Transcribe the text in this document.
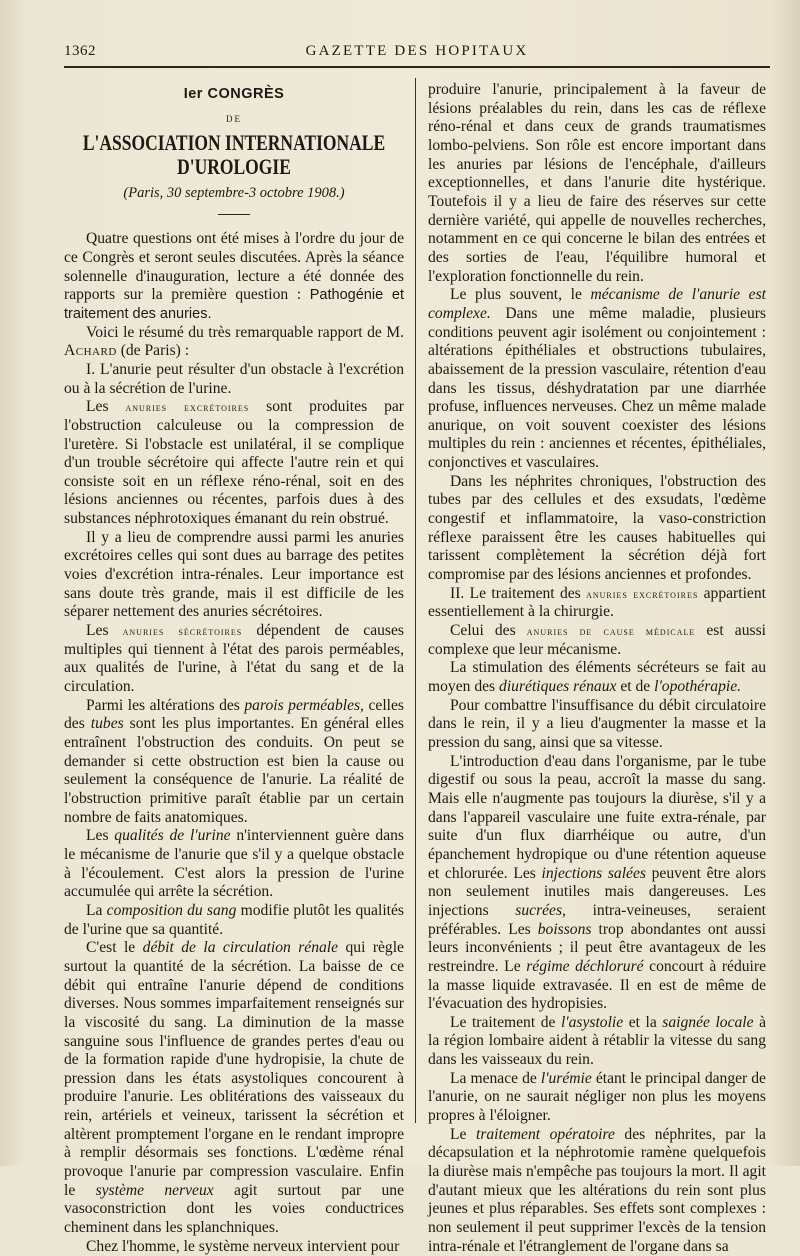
1362	GAZETTE DES HOPITAUX

Ier CONGRÈS

DE

L'ASSOCIATION INTERNATIONALE D'UROLOGIE

(Paris, 30 septembre-3 octobre 1908.)

Quatre questions ont été mises à l'ordre du jour de ce Congrès et seront seules discutées. Après la séance solennelle d'inauguration, lecture a été donnée des rapports sur la première question : Pathogénie et traitement des anuries.

Voici le résumé du très remarquable rapport de M. Achard (de Paris) :

I. L'anurie peut résulter d'un obstacle à l'excrétion ou à la sécrétion de l'urine.

Les anuries excrétoires sont produites par l'obstruction calculeuse ou la compression de l'uretère. Si l'obstacle est unilatéral, il se complique d'un trouble sécrétoire qui affecte l'autre rein et qui consiste soit en un réflexe réno-rénal, soit en des lésions anciennes ou récentes, parfois dues à des substances néphrotoxiques émanant du rein obstrué.

Il y a lieu de comprendre aussi parmi les anuries excrétoires celles qui sont dues au barrage des petites voies d'excrétion intra-rénales. Leur importance est sans doute très grande, mais il est difficile de les séparer nettement des anuries sécrétoires.

Les anuries sécrétoires dépendent de causes multiples qui tiennent à l'état des parois perméables, aux qualités de l'urine, à l'état du sang et de la circulation.

Parmi les altérations des parois perméables, celles des tubes sont les plus importantes. En général elles entraînent l'obstruction des conduits. On peut se demander si cette obstruction est bien la cause ou seulement la conséquence de l'anurie. La réalité de l'obstruction primitive paraît établie par un certain nombre de faits anatomiques.

Les qualités de l'urine n'interviennent guère dans le mécanisme de l'anurie que s'il y a quelque obstacle à l'écoulement. C'est alors la pression de l'urine accumulée qui arrête la sécrétion.

La composition du sang modifie plutôt les qualités de l'urine que sa quantité.

C'est le débit de la circulation rénale qui règle surtout la quantité de la sécrétion. La baisse de ce débit qui entraîne l'anurie dépend de conditions diverses. Nous sommes imparfaitement renseignés sur la viscosité du sang. La diminution de la masse sanguine sous l'influence de grandes pertes d'eau ou de la formation rapide d'une hydropisie, la chute de pression dans les états asystoliques concourent à produire l'anurie. Les oblitérations des vaisseaux du rein, artériels et veineux, tarissent la sécrétion et altèrent promptement l'organe en le rendant impropre à remplir désormais ses fonctions. L'œdème rénal provoque l'anurie par compression vasculaire. Enfin le système nerveux agit surtout par une vasoconstriction dont les voies conductrices cheminent dans les splanchniques.

Chez l'homme, le système nerveux intervient pour

produire l'anurie, principalement à la faveur de lésions préalables du rein, dans les cas de réflexe réno-rénal et dans ceux de grands traumatismes lombo-pelviens. Son rôle est encore important dans les anuries par lésions de l'encéphale, d'ailleurs exceptionnelles, et dans l'anurie dite hystérique. Toutefois il y a lieu de faire des réserves sur cette dernière variété, qui appelle de nouvelles recherches, notamment en ce qui concerne le bilan des entrées et des sorties de l'eau, l'équilibre humoral et l'exploration fonctionnelle du rein.

Le plus souvent, le mécanisme de l'anurie est complexe. Dans une même maladie, plusieurs conditions peuvent agir isolément ou conjointement : altérations épithéliales et obstructions tubulaires, abaissement de la pression vasculaire, rétention d'eau dans les tissus, déshydratation par une diarrhée profuse, influences nerveuses. Chez un même malade anurique, on voit souvent coexister des lésions multiples du rein : anciennes et récentes, épithéliales, conjonctives et vasculaires.

Dans les néphrites chroniques, l'obstruction des tubes par des cellules et des exsudats, l'œdème congestif et inflammatoire, la vaso-constriction réflexe paraissent être les causes habituelles qui tarissent complètement la sécrétion déjà fort compromise par des lésions anciennes et profondes.

II. Le traitement des anuries excrétoires appartient essentiellement à la chirurgie.

Celui des anuries de cause médicale est aussi complexe que leur mécanisme.

La stimulation des éléments sécréteurs se fait au moyen des diurétiques rénaux et de l'opothérapie.

Pour combattre l'insuffisance du débit circulatoire dans le rein, il y a lieu d'augmenter la masse et la pression du sang, ainsi que sa vitesse.

L'introduction d'eau dans l'organisme, par le tube digestif ou sous la peau, accroît la masse du sang. Mais elle n'augmente pas toujours la diurèse, s'il y a dans l'appareil vasculaire une fuite extra-rénale, par suite d'un flux diarrhéique ou autre, d'un épanchement hydropique ou d'une rétention aqueuse et chlorurée. Les injections salées peuvent être alors non seulement inutiles mais dangereuses. Les injections sucrées, intra-veineuses, seraient préférables. Les boissons trop abondantes ont aussi leurs inconvénients ; il peut être avantageux de les restreindre. Le régime déchloruré concourt à réduire la masse liquide extravasée. Il en est de même de l'évacuation des hydropisies.

Le traitement de l'asystolie et la saignée locale à la région lombaire aident à rétablir la vitesse du sang dans les vaisseaux du rein.

La menace de l'urémie étant le principal danger de l'anurie, on ne saurait négliger non plus les moyens propres à l'éloigner.

Le traitement opératoire des néphrites, par la décapsulation et la néphrotomie ramène quelquefois la diurèse mais n'empêche pas toujours la mort. Il agit d'autant mieux que les altérations du rein sont plus jeunes et plus réparables. Ses effets sont complexes : non seulement il peut supprimer l'excès de la tension intra-rénale et l'étranglement de l'organe dans sa
